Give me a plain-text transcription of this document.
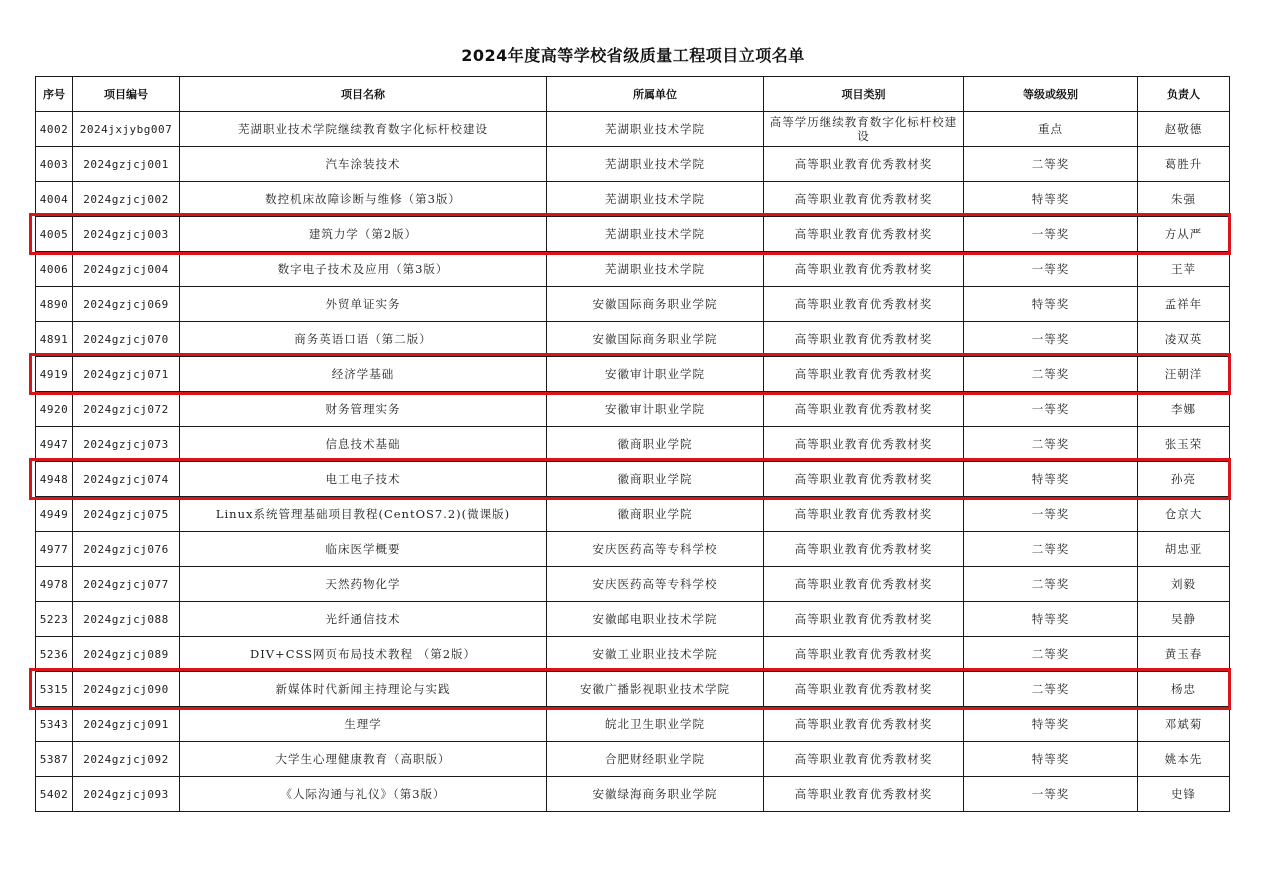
2024年度高等学校省级质量工程项目立项名单
序号	项目编号	项目名称	所属单位	项目类别	等级或级别	负责人
4002	2024jxjybg007	芜湖职业技术学院继续教育数字化标杆校建设	芜湖职业技术学院	高等学历继续教育数字化标杆校建设	重点	赵敬德
4003	2024gzjcj001	汽车涂装技术	芜湖职业技术学院	高等职业教育优秀教材奖	二等奖	葛胜升
4004	2024gzjcj002	数控机床故障诊断与维修（第3版）	芜湖职业技术学院	高等职业教育优秀教材奖	特等奖	朱强
4005	2024gzjcj003	建筑力学（第2版）	芜湖职业技术学院	高等职业教育优秀教材奖	一等奖	方从严
4006	2024gzjcj004	数字电子技术及应用（第3版）	芜湖职业技术学院	高等职业教育优秀教材奖	一等奖	王苹
4890	2024gzjcj069	外贸单证实务	安徽国际商务职业学院	高等职业教育优秀教材奖	特等奖	孟祥年
4891	2024gzjcj070	商务英语口语（第二版）	安徽国际商务职业学院	高等职业教育优秀教材奖	一等奖	凌双英
4919	2024gzjcj071	经济学基础	安徽审计职业学院	高等职业教育优秀教材奖	二等奖	汪朝洋
4920	2024gzjcj072	财务管理实务	安徽审计职业学院	高等职业教育优秀教材奖	一等奖	李娜
4947	2024gzjcj073	信息技术基础	徽商职业学院	高等职业教育优秀教材奖	二等奖	张玉荣
4948	2024gzjcj074	电工电子技术	徽商职业学院	高等职业教育优秀教材奖	特等奖	孙亮
4949	2024gzjcj075	Linux系统管理基础项目教程(CentOS7.2)(微课版)	徽商职业学院	高等职业教育优秀教材奖	一等奖	仓京大
4977	2024gzjcj076	临床医学概要	安庆医药高等专科学校	高等职业教育优秀教材奖	二等奖	胡忠亚
4978	2024gzjcj077	天然药物化学	安庆医药高等专科学校	高等职业教育优秀教材奖	二等奖	刘毅
5223	2024gzjcj088	光纤通信技术	安徽邮电职业技术学院	高等职业教育优秀教材奖	特等奖	吴静
5236	2024gzjcj089	DIV+CSS网页布局技术教程 （第2版）	安徽工业职业技术学院	高等职业教育优秀教材奖	二等奖	黄玉春
5315	2024gzjcj090	新媒体时代新闻主持理论与实践	安徽广播影视职业技术学院	高等职业教育优秀教材奖	二等奖	杨忠
5343	2024gzjcj091	生理学	皖北卫生职业学院	高等职业教育优秀教材奖	特等奖	邓斌菊
5387	2024gzjcj092	大学生心理健康教育（高职版）	合肥财经职业学院	高等职业教育优秀教材奖	特等奖	姚本先
5402	2024gzjcj093	《人际沟通与礼仪》（第3版）	安徽绿海商务职业学院	高等职业教育优秀教材奖	一等奖	史锋
